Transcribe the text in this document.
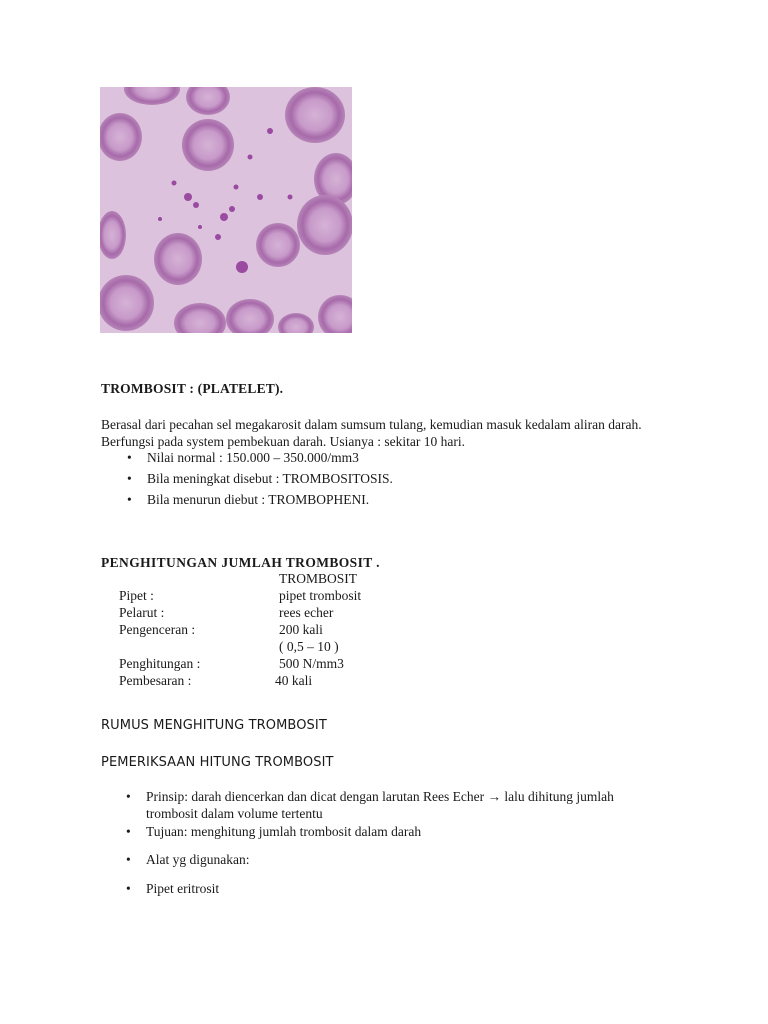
TROMBOSIT : (PLATELET).
Berasal dari pecahan sel megakarosit dalam sumsum tulang, kemudian masuk kedalam aliran darah. Berfungsi pada system pembekuan darah. Usianya : sekitar 10 hari.
• Nilai normal : 150.000 – 350.000/mm3
• Bila meningkat disebut : TROMBOSITOSIS.
• Bila menurun diebut : TROMBOPHENI.
PENGHITUNGAN JUMLAH TROMBOSIT .
TROMBOSIT
Pipet :	pipet trombosit
Pelarut :	rees echer
Pengenceran :	200 kali
( 0,5 – 10 )
Penghitungan :	500 N/mm3
Pembesaran :	40 kali
RUMUS MENGHITUNG TROMBOSIT
PEMERIKSAAN HITUNG TROMBOSIT
• Prinsip: darah diencerkan dan dicat dengan larutan Rees Echer → lalu dihitung jumlah trombosit dalam volume tertentu
• Tujuan: menghitung jumlah trombosit dalam darah
• Alat yg digunakan:
• Pipet eritrosit
